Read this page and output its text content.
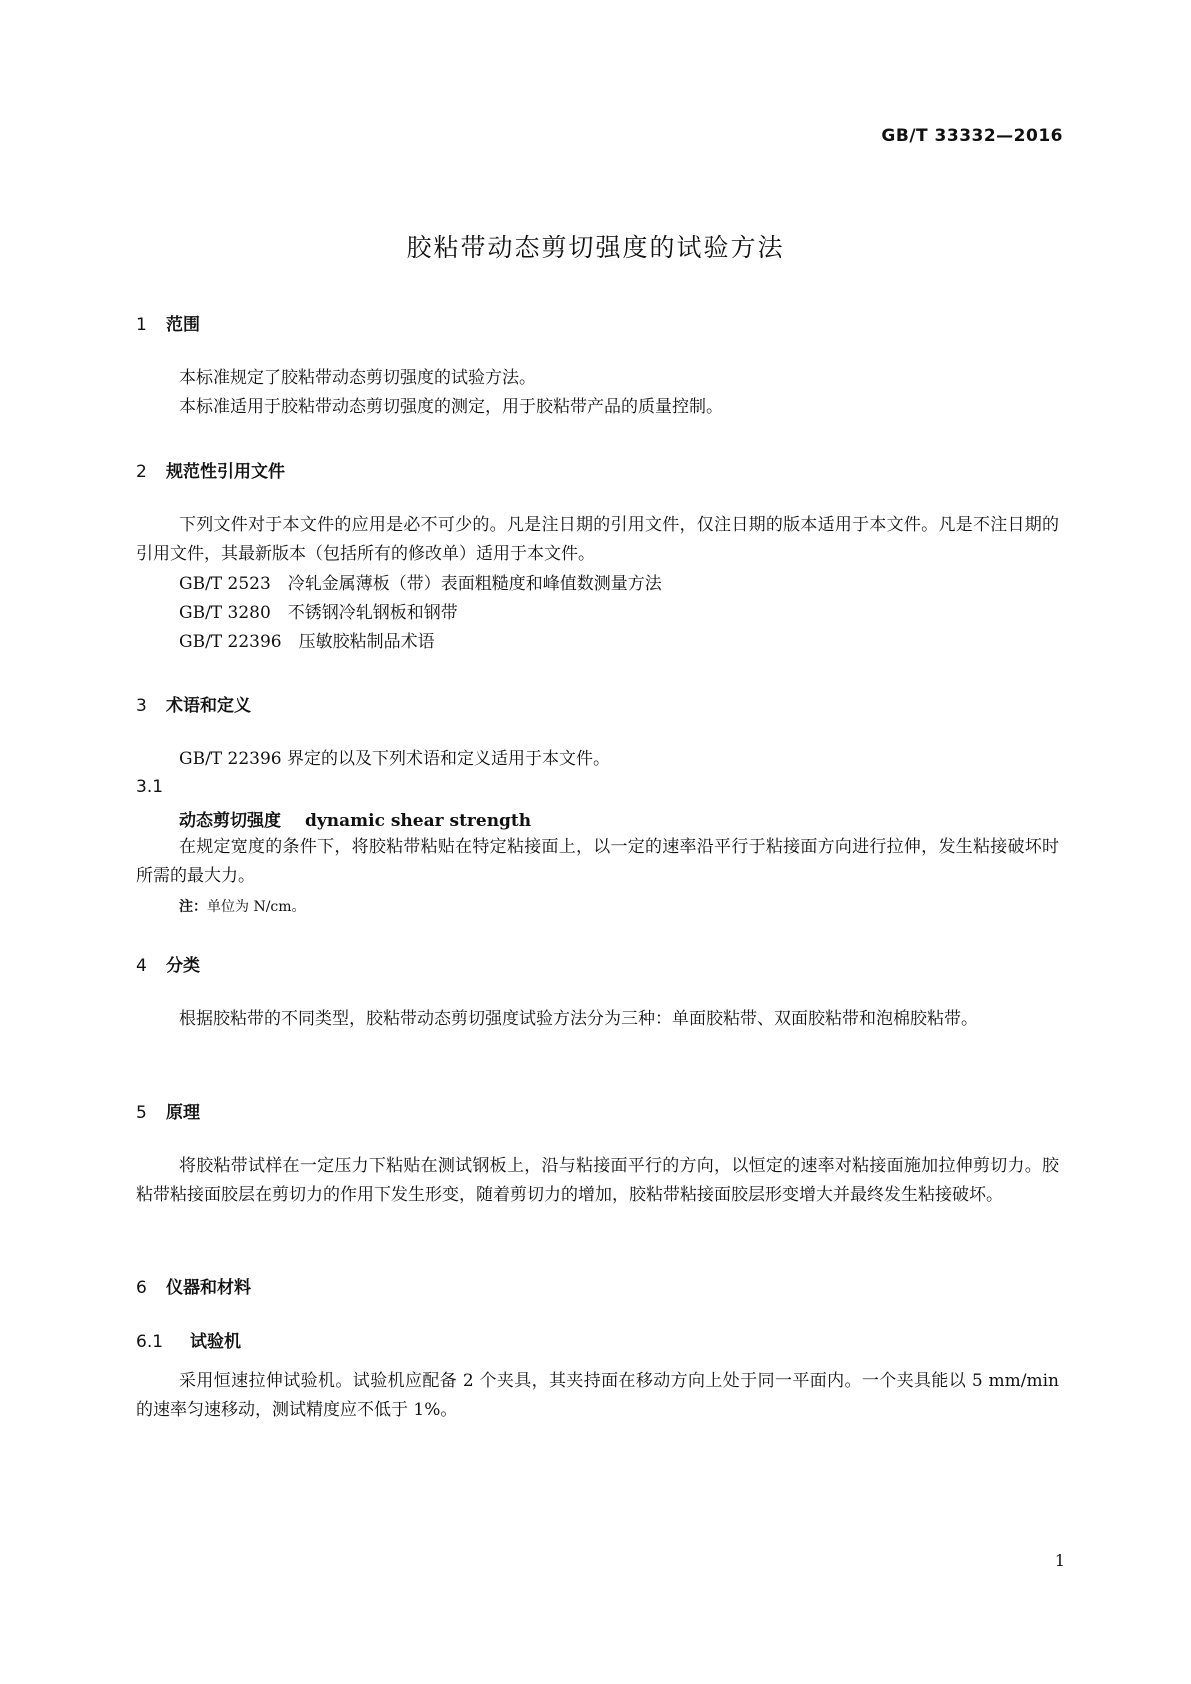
GB/T 33332—2016
胶粘带动态剪切强度的试验方法
1 范围
本标准规定了胶粘带动态剪切强度的试验方法。
本标准适用于胶粘带动态剪切强度的测定，用于胶粘带产品的质量控制。
2 规范性引用文件
下列文件对于本文件的应用是必不可少的。凡是注日期的引用文件，仅注日期的版本适用于本文件。凡是不注日期的引用文件，其最新版本（包括所有的修改单）适用于本文件。
GB/T 2523　冷轧金属薄板（带）表面粗糙度和峰值数测量方法
GB/T 3280　不锈钢冷轧钢板和钢带
GB/T 22396　压敏胶粘制品术语
3 术语和定义
GB/T 22396 界定的以及下列术语和定义适用于本文件。
3.1
动态剪切强度 dynamic shear strength
在规定宽度的条件下，将胶粘带粘贴在特定粘接面上，以一定的速率沿平行于粘接面方向进行拉伸，发生粘接破坏时所需的最大力。
注：单位为 N/cm。
4 分类
根据胶粘带的不同类型，胶粘带动态剪切强度试验方法分为三种：单面胶粘带、双面胶粘带和泡棉胶粘带。
5 原理
将胶粘带试样在一定压力下粘贴在测试钢板上，沿与粘接面平行的方向，以恒定的速率对粘接面施加拉伸剪切力。胶粘带粘接面胶层在剪切力的作用下发生形变，随着剪切力的增加，胶粘带粘接面胶层形变增大并最终发生粘接破坏。
6 仪器和材料
6.1 试验机
采用恒速拉伸试验机。试验机应配备 2 个夹具，其夹持面在移动方向上处于同一平面内。一个夹具能以 5 mm/min 的速率匀速移动，测试精度应不低于 1%。
1
